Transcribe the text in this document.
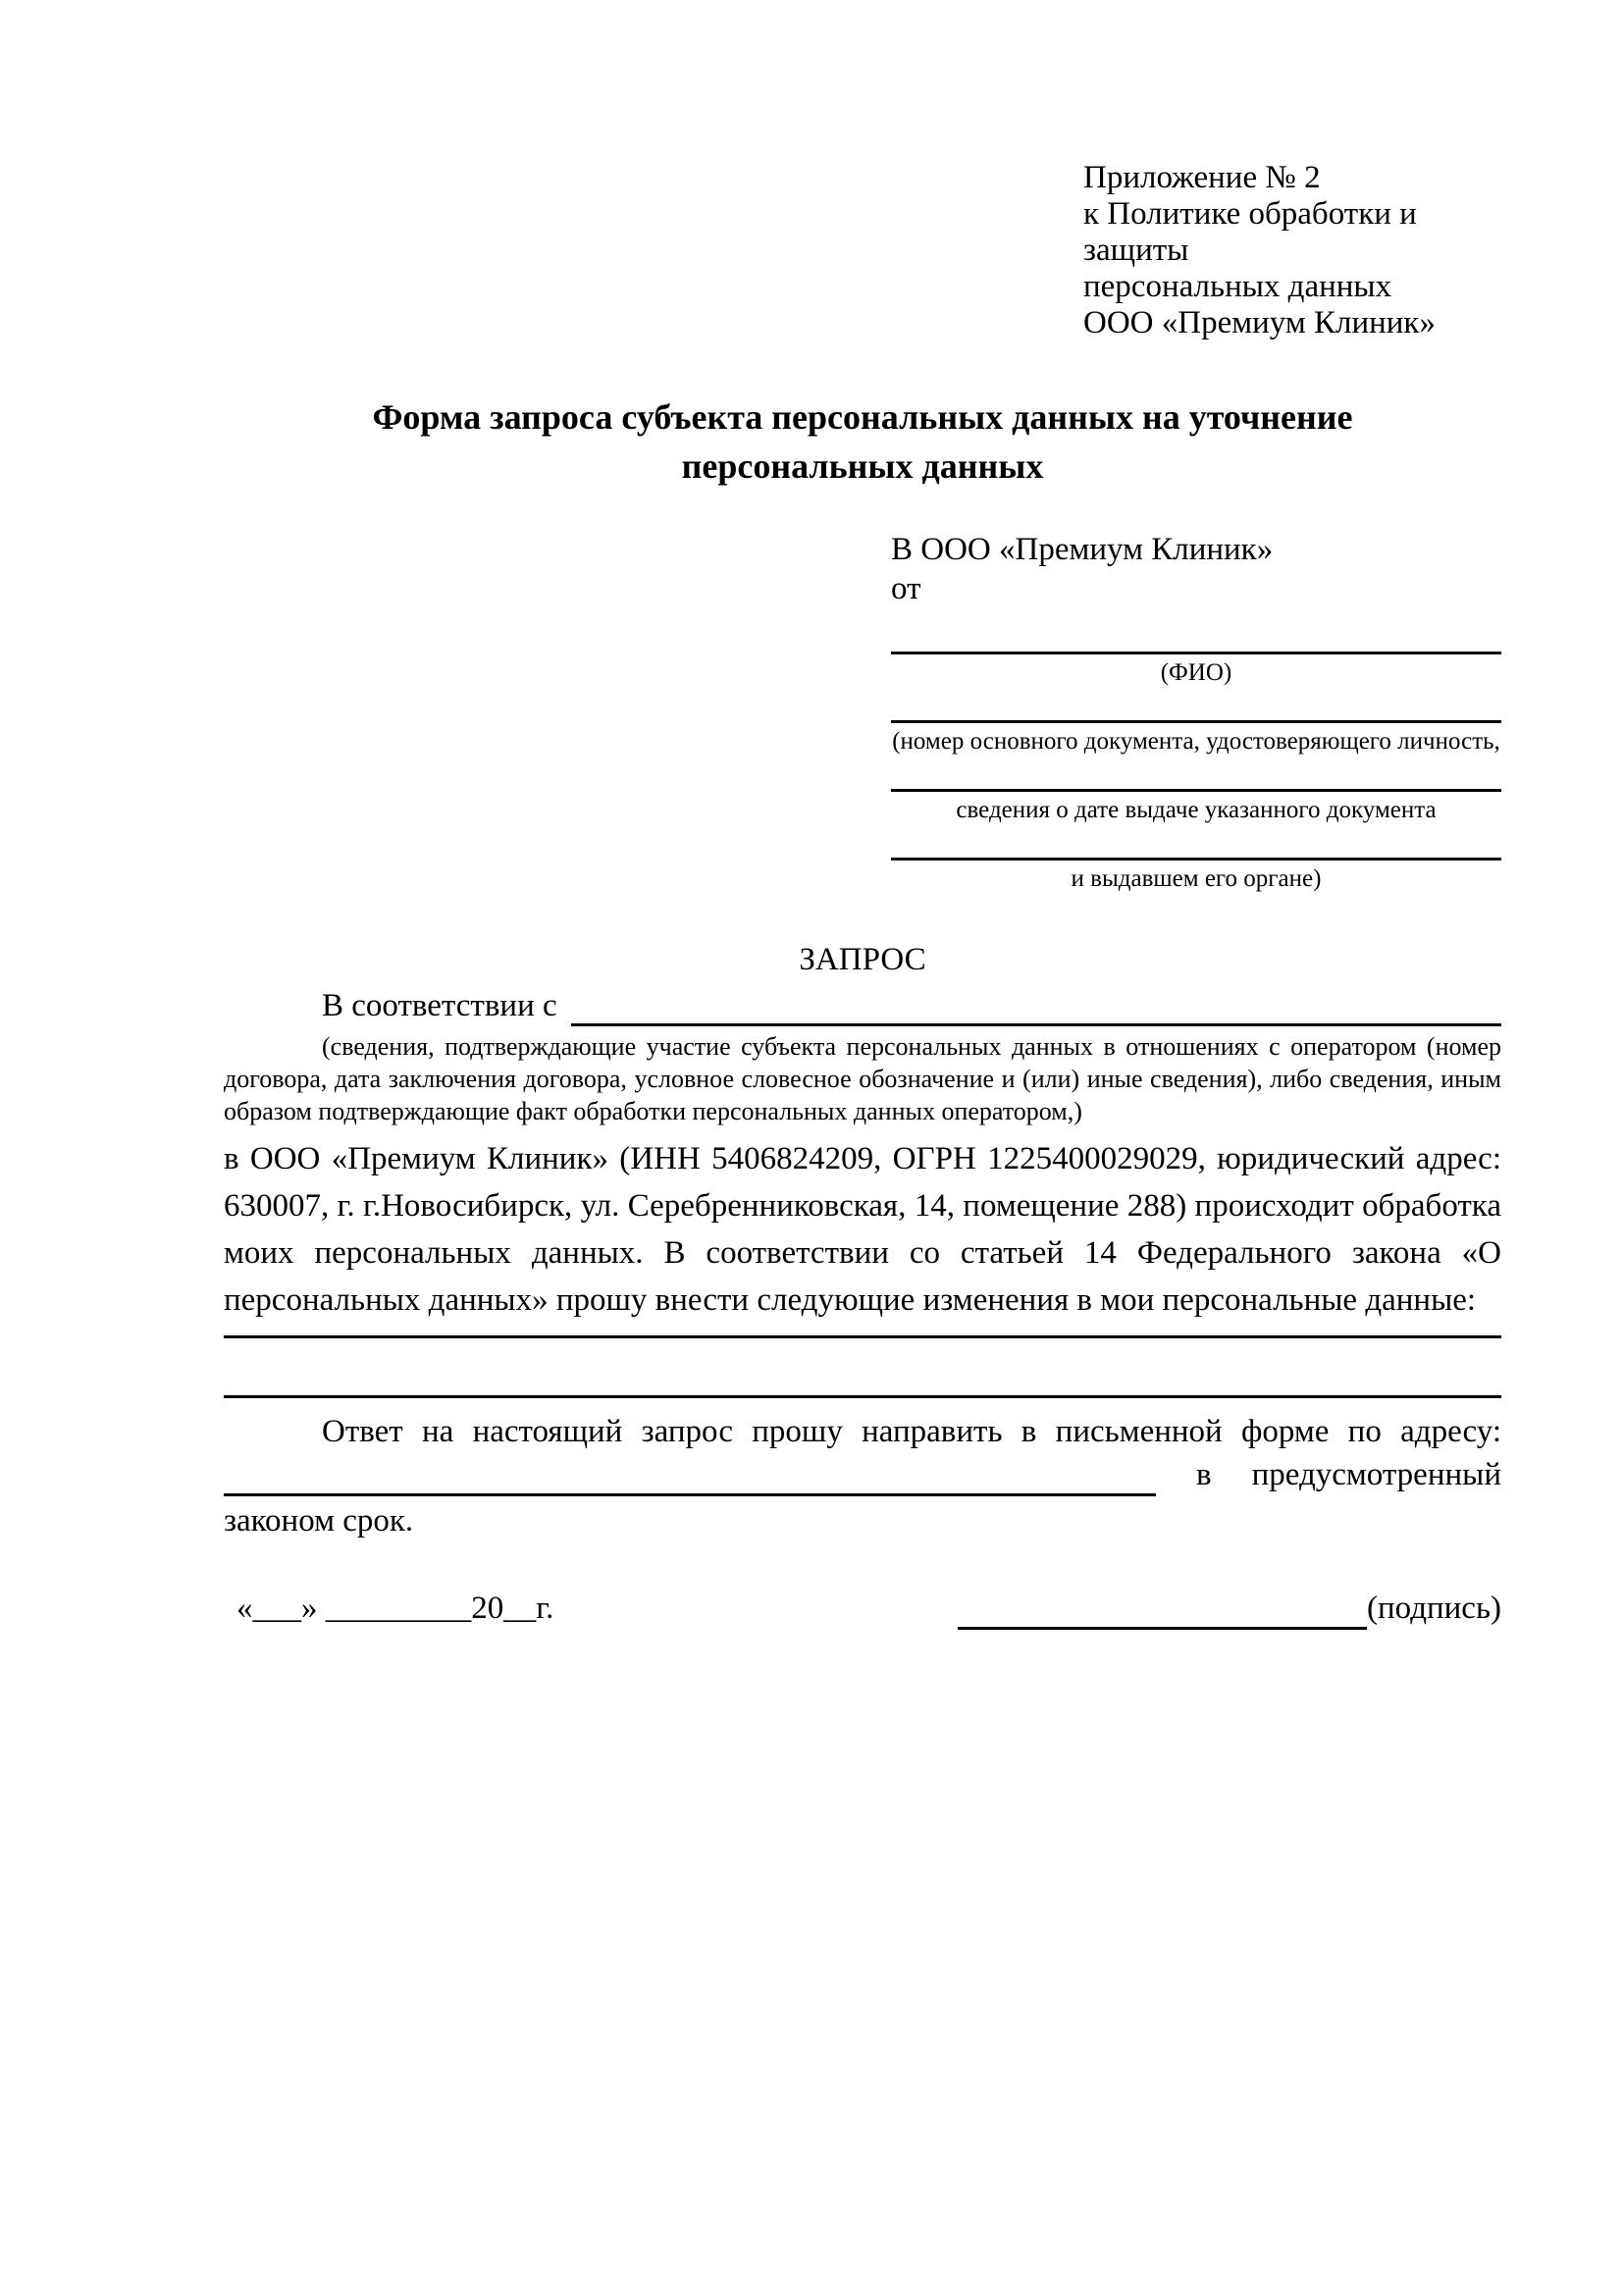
Приложение № 2
к Политике обработки и защиты
персональных данных
ООО «Премиум Клиник»
Форма запроса субъекта персональных данных на уточнение персональных данных
В ООО «Премиум Клиник»
от
(ФИО)
(номер основного документа, удостоверяющего личность,
сведения о дате выдаче указанного документа
и выдавшем его органе)
ЗАПРОС
В соответствии с

(сведения, подтверждающие участие субъекта персональных данных в отношениях с оператором (номер договора, дата заключения договора, условное словесное обозначение и (или) иные сведения), либо сведения, иным образом подтверждающие факт обработки персональных данных оператором,)

в ООО «Премиум Клиник» (ИНН 5406824209, ОГРН 1225400029029, юридический адрес: 630007, г. г.Новосибирск, ул. Серебренниковская, 14, помещение 288) происходит обработка моих персональных данных. В соответствии со статьей 14 Федерального закона «О персональных данных» прошу внести следующие изменения в мои персональные данные:

Ответ на настоящий запрос прошу направить в письменной форме по адресу:

в предусмотренный
законом срок.
«___» _________20__г.	(подпись)
